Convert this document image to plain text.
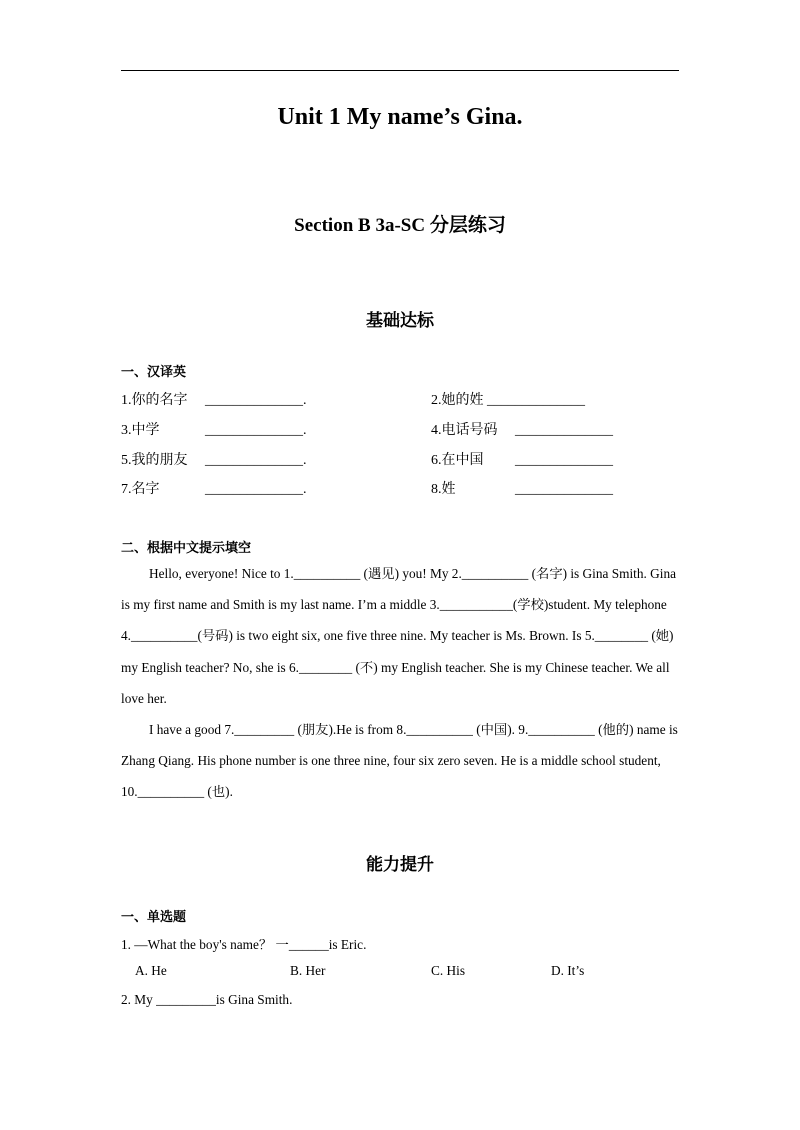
Unit 1 My name’s Gina.
Section B 3a-SC 分层练习
基础达标
一、汉译英
1.你的名字 ______________.	2.她的姓 ______________
3.中学	______________.	4.电话号码 ______________
5.我的朋友 ______________.	6.在中国 ______________
7.名字	______________.	8.姓	______________
二、根据中文提示填空

Hello, everyone! Nice to 1.__________ (遇见) you! My 2.__________ (名字) is Gina Smith. Gina is my first name and Smith is my last name. I’m a middle 3.___________(学校)student. My telephone 4.__________(号码) is two eight six, one five three nine. My teacher is Ms. Brown. Is 5.________ (她) my English teacher? No, she is 6.________ (不) my English teacher. She is my Chinese teacher. We all love her.

I have a good 7._________ (朋友).He is from 8.__________ (中国). 9.__________ (他的) name is Zhang Qiang. His phone number is one three nine, four six zero seven. He is a middle school student, 10.__________ (也).

能力提升
一、单选题
1. —What the boy's name？ 一______is Eric.
A. He	B. Her	C. His	D. It’s
2. My _________is Gina Smith.
